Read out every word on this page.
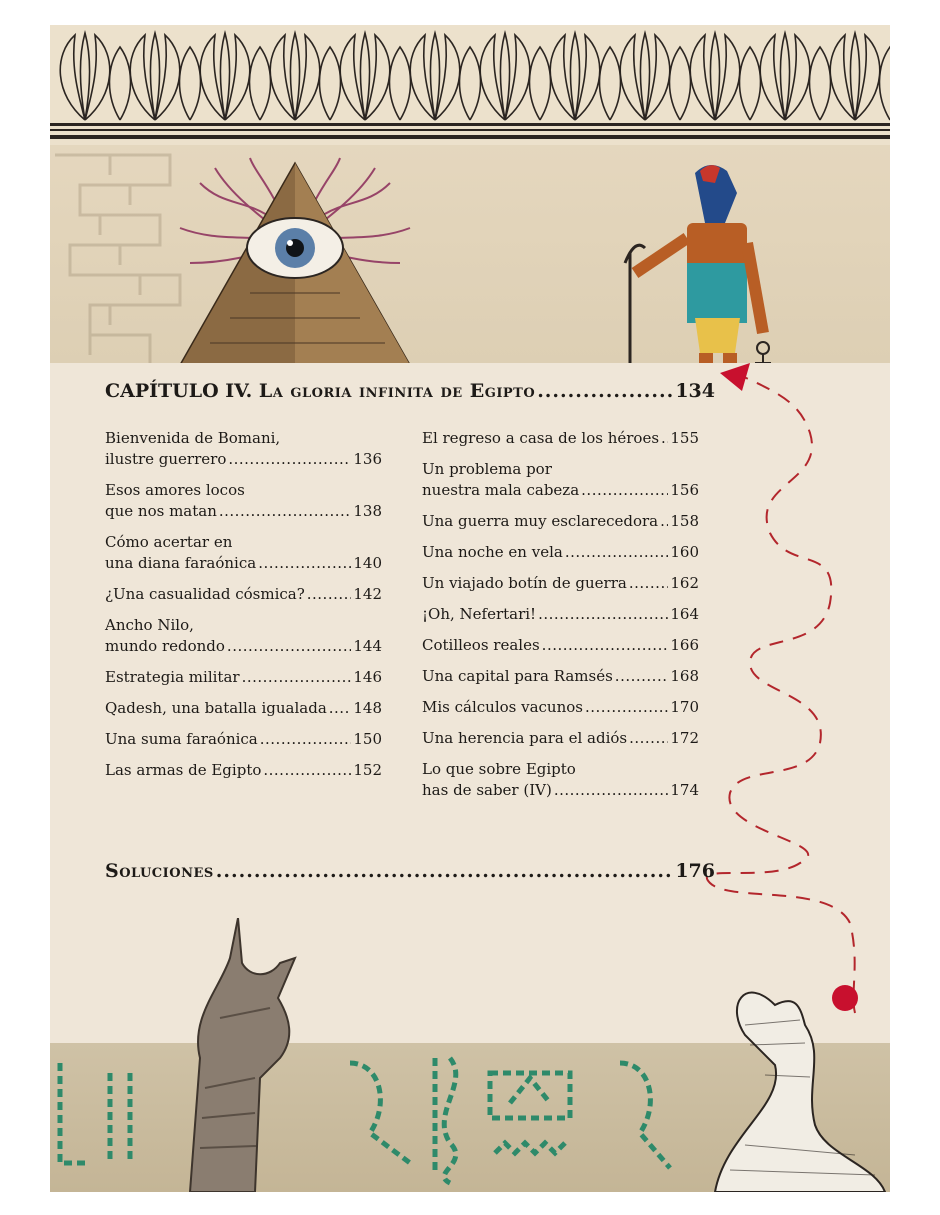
CAPÍTULO IV.
La gloria infinita de Egipto .....	134
Bienvenida de Bomani,
ilustre guerrero .....	136
Esos amores locos
que nos matan .....	138
Cómo acertar en
una diana faraónica .....	140
¿Una casualidad cósmica? .....	142
Ancho Nilo,
mundo redondo .....	144
Estrategia militar .....	146
Qadesh, una batalla igualada ..... 148
Una suma faraónica .....	150
Las armas de Egipto .....	152
El regreso a casa de los héroes ..... 155
Un problema por
nuestra mala cabeza .....	156
Una guerra muy esclarecedora ..... 158
Una noche en vela .....	160
Un viajado botín de guerra .....	162
¡Oh, Nefertari! .....	164
Cotilleos reales .....	166
Una capital para Ramsés .....	168
Mis cálculos vacunos .....	170
Una herencia para el adiós .....	172
Lo que sobre Egipto
has de saber (IV) .....	174
Soluciones .....	176
